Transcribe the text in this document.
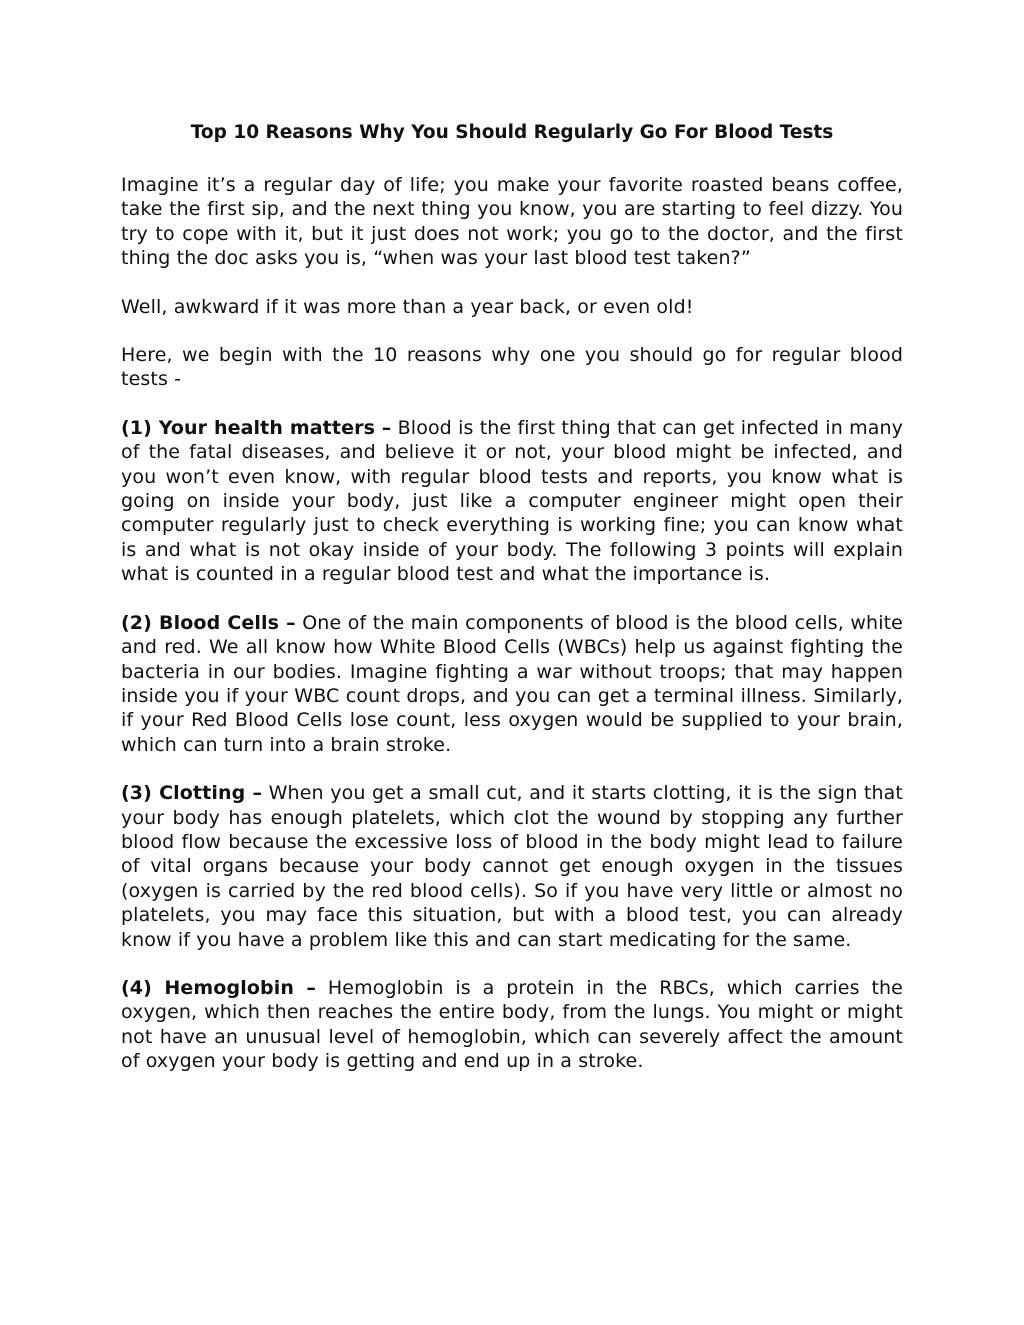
Top 10 Reasons Why You Should Regularly Go For Blood Tests

Imagine it’s a regular day of life; you make your favorite roasted beans coffee, take the first sip, and the next thing you know, you are starting to feel dizzy. You try to cope with it, but it just does not work; you go to the doctor, and the first thing the doc asks you is, “when was your last blood test taken?”

Well, awkward if it was more than a year back, or even old!

Here, we begin with the 10 reasons why one you should go for regular blood tests -

(1) Your health matters – Blood is the first thing that can get infected in many of the fatal diseases, and believe it or not, your blood might be infected, and you won’t even know, with regular blood tests and reports, you know what is going on inside your body, just like a computer engineer might open their computer regularly just to check everything is working fine; you can know what is and what is not okay inside of your body. The following 3 points will explain what is counted in a regular blood test and what the importance is.

(2) Blood Cells – One of the main components of blood is the blood cells, white and red. We all know how White Blood Cells (WBCs) help us against fighting the bacteria in our bodies. Imagine fighting a war without troops; that may happen inside you if your WBC count drops, and you can get a terminal illness. Similarly, if your Red Blood Cells lose count, less oxygen would be supplied to your brain, which can turn into a brain stroke.

(3) Clotting – When you get a small cut, and it starts clotting, it is the sign that your body has enough platelets, which clot the wound by stopping any further blood flow because the excessive loss of blood in the body might lead to failure of vital organs because your body cannot get enough oxygen in the tissues (oxygen is carried by the red blood cells). So if you have very little or almost no platelets, you may face this situation, but with a blood test, you can already know if you have a problem like this and can start medicating for the same.

(4) Hemoglobin – Hemoglobin is a protein in the RBCs, which carries the oxygen, which then reaches the entire body, from the lungs. You might or might not have an unusual level of hemoglobin, which can severely affect the amount of oxygen your body is getting and end up in a stroke.
